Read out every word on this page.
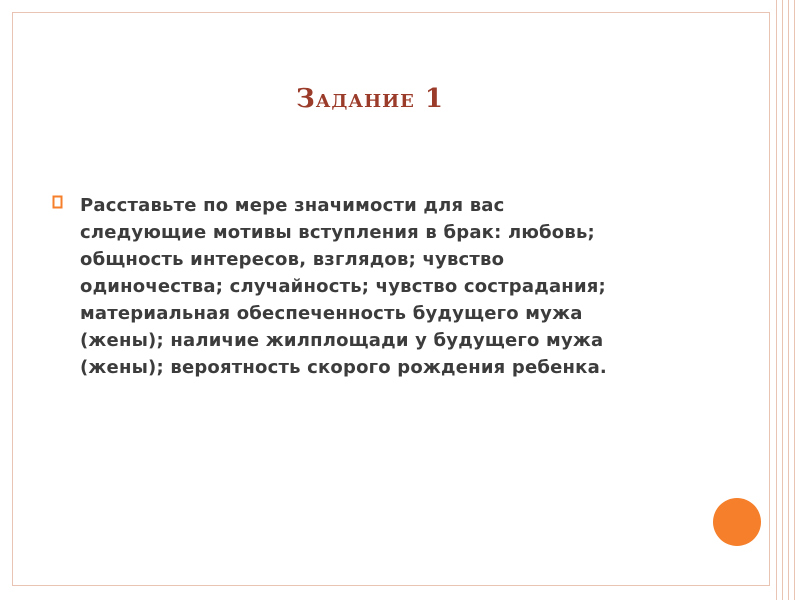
Задание 1
Расставьте по мере значимости для вас
следующие мотивы вступления в брак: любовь;
общность интересов, взглядов; чувство
одиночества; случайность; чувство сострадания;
материальная обеспеченность будущего мужа
(жены); наличие жилплощади у будущего мужа
(жены); вероятность скорого рождения ребенка.
